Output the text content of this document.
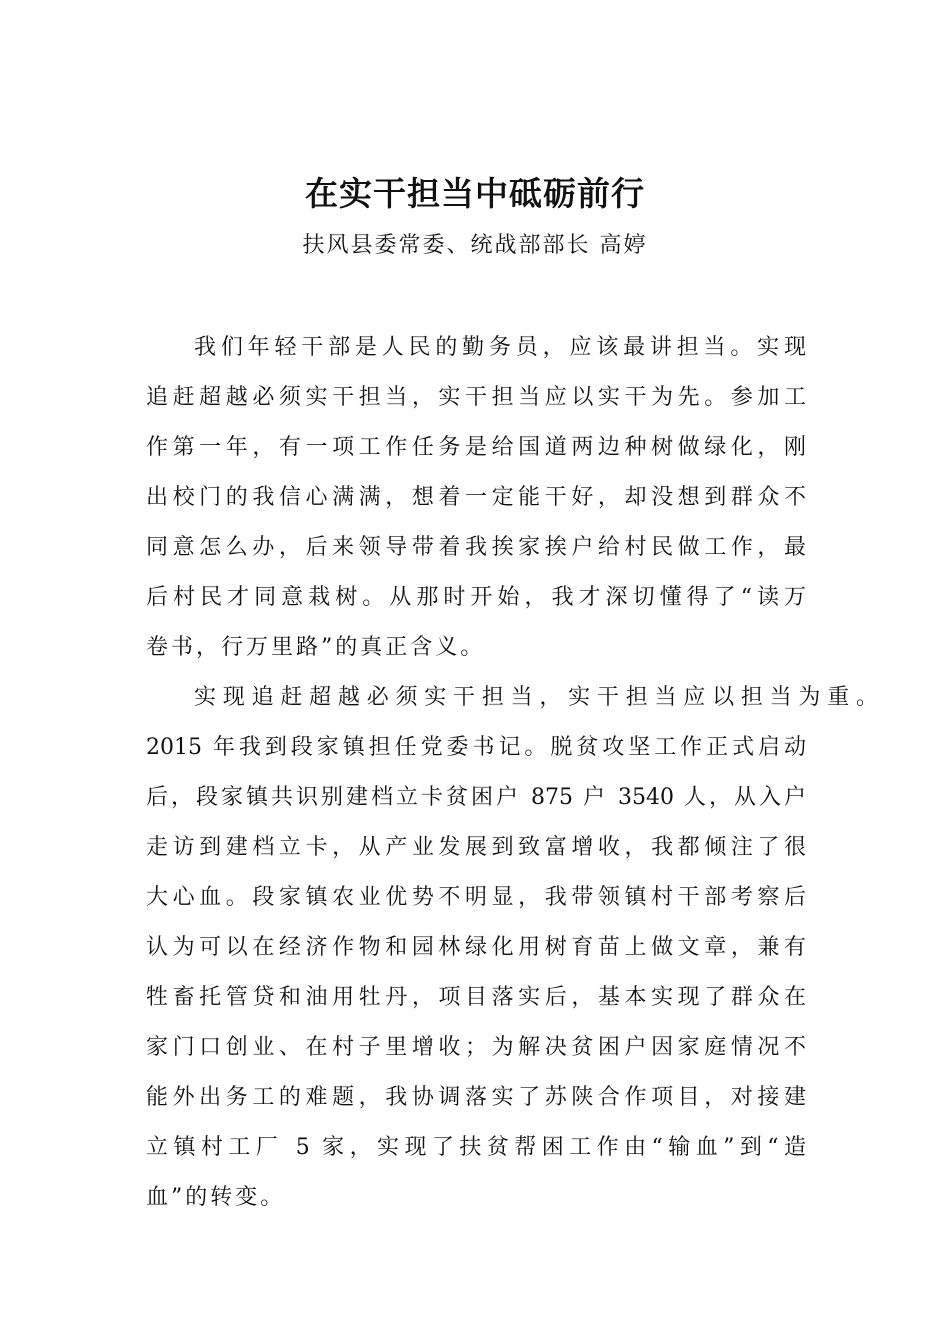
在实干担当中砥砺前行

扶风县委常委、统战部部长 高婷

我们年轻干部是人民的勤务员，应该最讲担当。实现
追赶超越必须实干担当，实干担当应以实干为先。参加工
作第一年，有一项工作任务是给国道两边种树做绿化，刚
出校门的我信心满满，想着一定能干好，却没想到群众不
同意怎么办，后来领导带着我挨家挨户给村民做工作，最
后村民才同意栽树。从那时开始，我才深切懂得了“读万
卷书，行万里路”的真正含义。
实现追赶超越必须实干担当，实干担当应以担当为重。
2015 年我到段家镇担任党委书记。脱贫攻坚工作正式启动
后，段家镇共识别建档立卡贫困户 875 户 3540 人，从入户
走访到建档立卡，从产业发展到致富增收，我都倾注了很
大心血。段家镇农业优势不明显，我带领镇村干部考察后
认为可以在经济作物和园林绿化用树育苗上做文章，兼有
牲畜托管贷和油用牡丹，项目落实后，基本实现了群众在
家门口创业、在村子里增收；为解决贫困户因家庭情况不
能外出务工的难题，我协调落实了苏陕合作项目，对接建
立镇村工厂 5 家，实现了扶贫帮困工作由“输血”到“造
血”的转变。
